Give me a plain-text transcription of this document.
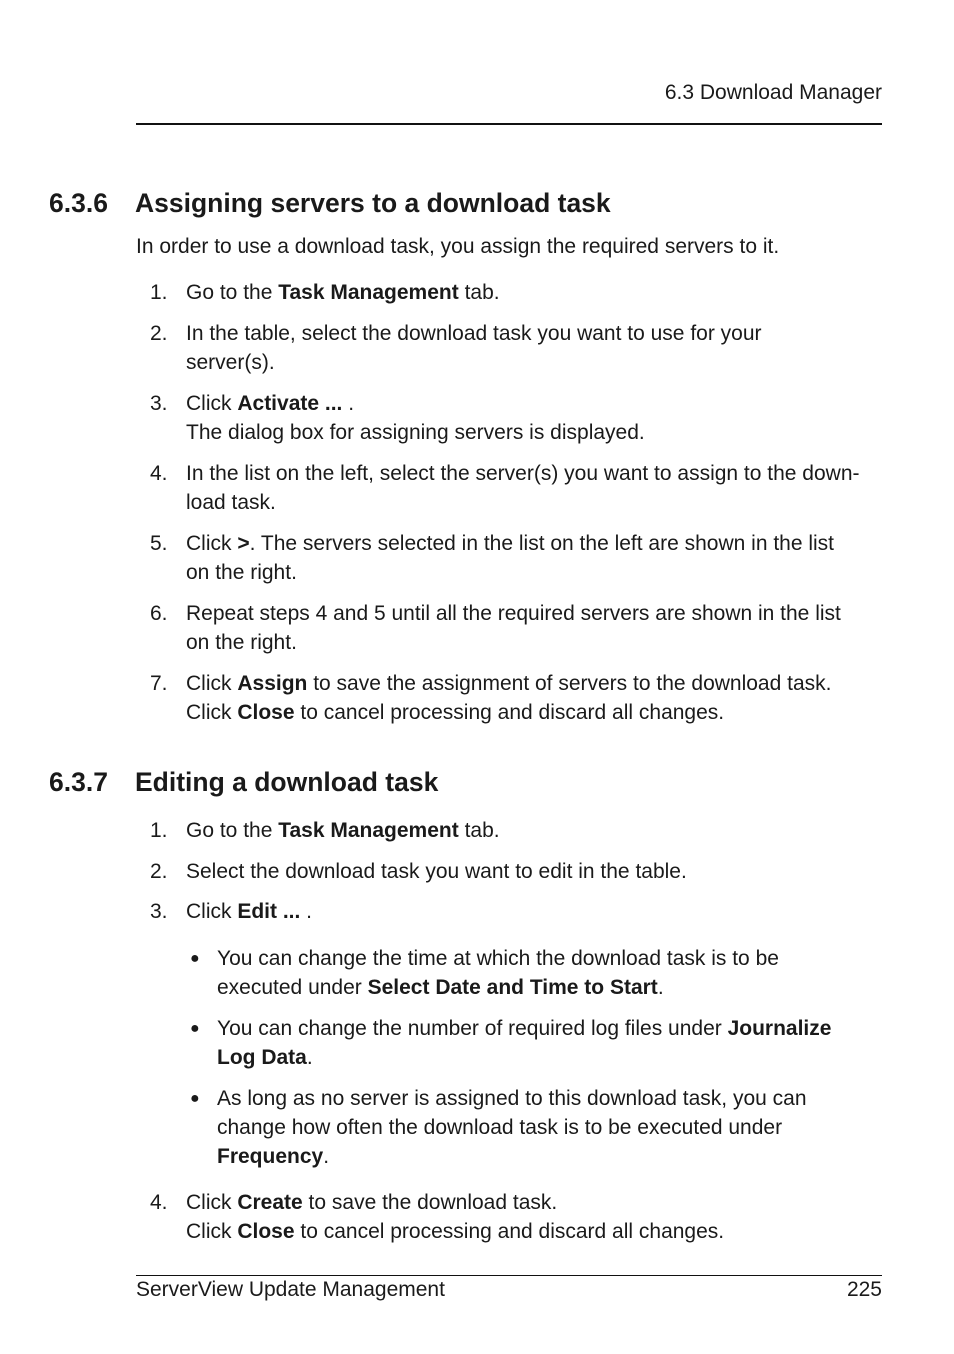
6.3 Download Manager
6.3.6 Assigning servers to a download task
In order to use a download task, you assign the required servers to it.
1. Go to the Task Management tab.
2. In the table, select the download task you want to use for your
server(s).
3. Click Activate ... .
The dialog box for assigning servers is displayed.
4. In the list on the left, select the server(s) you want to assign to the down-
load task.
5. Click >. The servers selected in the list on the left are shown in the list
on the right.
6. Repeat steps 4 and 5 until all the required servers are shown in the list
on the right.
7. Click Assign to save the assignment of servers to the download task.
Click Close to cancel processing and discard all changes.
6.3.7 Editing a download task
1. Go to the Task Management tab.
2. Select the download task you want to edit in the table.
3. Click Edit ... .
● You can change the time at which the download task is to be
executed under Select Date and Time to Start.
● You can change the number of required log files under Journalize
Log Data.
● As long as no server is assigned to this download task, you can
change how often the download task is to be executed under
Frequency.
4. Click Create to save the download task.
Click Close to cancel processing and discard all changes.
ServerView Update Management	225
